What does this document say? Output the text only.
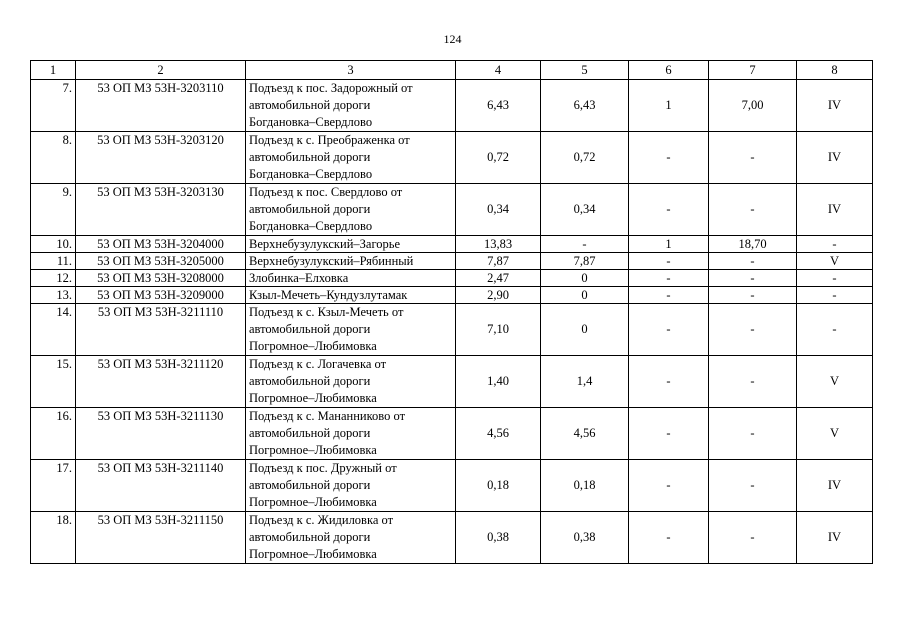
124
1	2	3	4	5	6	7	8
7.	53 ОП МЗ 53Н-3203110	Подъезд к пос. Задорожный от
автомобильной дороги
Богдановка–Свердлово	6,43	6,43	1	7,00	IV
8.	53 ОП МЗ 53Н-3203120	Подъезд к с. Преображенка от
автомобильной дороги
Богдановка–Свердлово	0,72	0,72	-	-	IV
9.	53 ОП МЗ 53Н-3203130	Подъезд к пос. Свердлово от
автомобильной дороги
Богдановка–Свердлово	0,34	0,34	-	-	IV
10.	53 ОП МЗ 53Н-3204000	Верхнебузулукский–Загорье	13,83	-	1	18,70	-
11.	53 ОП МЗ 53Н-3205000	Верхнебузулукский–Рябинный	7,87	7,87	-	-	V
12.	53 ОП МЗ 53Н-3208000	Злобинка–Елховка	2,47	0	-	-	-
13.	53 ОП МЗ 53Н-3209000	Кзыл-Мечеть–Кундузлутамак	2,90	0	-	-	-
14.	53 ОП МЗ 53Н-3211110	Подъезд к с. Кзыл-Мечеть от
автомобильной дороги
Погромное–Любимовка	7,10	0	-	-	-
15.	53 ОП МЗ 53Н-3211120	Подъезд к с. Логачевка от
автомобильной дороги
Погромное–Любимовка	1,40	1,4	-	-	V
16.	53 ОП МЗ 53Н-3211130	Подъезд к с. Мананниково от
автомобильной дороги
Погромное–Любимовка	4,56	4,56	-	-	V
17.	53 ОП МЗ 53Н-3211140	Подъезд к пос. Дружный от
автомобильной дороги
Погромное–Любимовка	0,18	0,18	-	-	IV
18.	53 ОП МЗ 53Н-3211150	Подъезд к с. Жидиловка от
автомобильной дороги
Погромное–Любимовка	0,38	0,38	-	-	IV
